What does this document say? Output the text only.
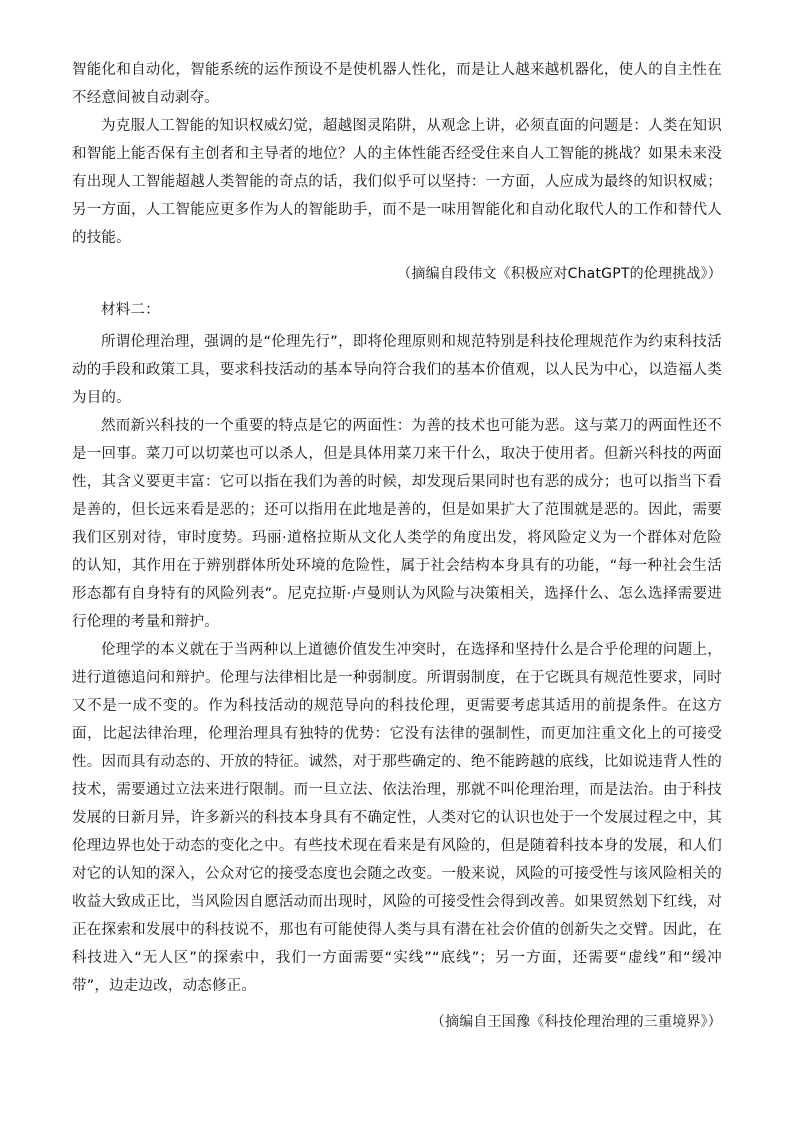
智能化和自动化，智能系统的运作预设不是使机器人性化，而是让人越来越机器化，使人的自主性在不经意间被自动剥夺。

为克服人工智能的知识权威幻觉，超越图灵陷阱，从观念上讲，必须直面的问题是：人类在知识和智能上能否保有主创者和主导者的地位？人的主体性能否经受住来自人工智能的挑战？如果未来没有出现人工智能超越人类智能的奇点的话，我们似乎可以坚持：一方面，人应成为最终的知识权威；另一方面，人工智能应更多作为人的智能助手，而不是一味用智能化和自动化取代人的工作和替代人的技能。

（摘编自段伟文《积极应对ChatGPT的伦理挑战》）

材料二：

所谓伦理治理，强调的是“伦理先行”，即将伦理原则和规范特别是科技伦理规范作为约束科技活动的手段和政策工具，要求科技活动的基本导向符合我们的基本价值观，以人民为中心，以造福人类为目的。

然而新兴科技的一个重要的特点是它的两面性：为善的技术也可能为恶。这与菜刀的两面性还不是一回事。菜刀可以切菜也可以杀人，但是具体用菜刀来干什么，取决于使用者。但新兴科技的两面性，其含义要更丰富：它可以指在我们为善的时候，却发现后果同时也有恶的成分；也可以指当下看是善的，但长远来看是恶的；还可以指用在此地是善的，但是如果扩大了范围就是恶的。因此，需要我们区别对待，审时度势。玛丽·道格拉斯从文化人类学的角度出发，将风险定义为一个群体对危险的认知，其作用在于辨别群体所处环境的危险性，属于社会结构本身具有的功能，“每一种社会生活形态都有自身特有的风险列表”。尼克拉斯·卢曼则认为风险与决策相关，选择什么、怎么选择需要进行伦理的考量和辩护。

伦理学的本义就在于当两种以上道德价值发生冲突时，在选择和坚持什么是合乎伦理的问题上，进行道德追问和辩护。伦理与法律相比是一种弱制度。所谓弱制度，在于它既具有规范性要求，同时又不是一成不变的。作为科技活动的规范导向的科技伦理，更需要考虑其适用的前提条件。在这方面，比起法律治理，伦理治理具有独特的优势：它没有法律的强制性，而更加注重文化上的可接受性。因而具有动态的、开放的特征。诚然，对于那些确定的、绝不能跨越的底线，比如说违背人性的技术，需要通过立法来进行限制。而一旦立法、依法治理，那就不叫伦理治理，而是法治。由于科技发展的日新月异，许多新兴的科技本身具有不确定性，人类对它的认识也处于一个发展过程之中，其伦理边界也处于动态的变化之中。有些技术现在看来是有风险的，但是随着科技本身的发展，和人们对它的认知的深入，公众对它的接受态度也会随之改变。一般来说，风险的可接受性与该风险相关的收益大致成正比，当风险因自愿活动而出现时，风险的可接受性会得到改善。如果贸然划下红线，对正在探索和发展中的科技说不，那也有可能使得人类与具有潜在社会价值的创新失之交臂。因此，在科技进入“无人区”的探索中，我们一方面需要“实线”“底线”；另一方面，还需要“虚线”和“缓冲带”，边走边改，动态修正。

（摘编自王国豫《科技伦理治理的三重境界》）
